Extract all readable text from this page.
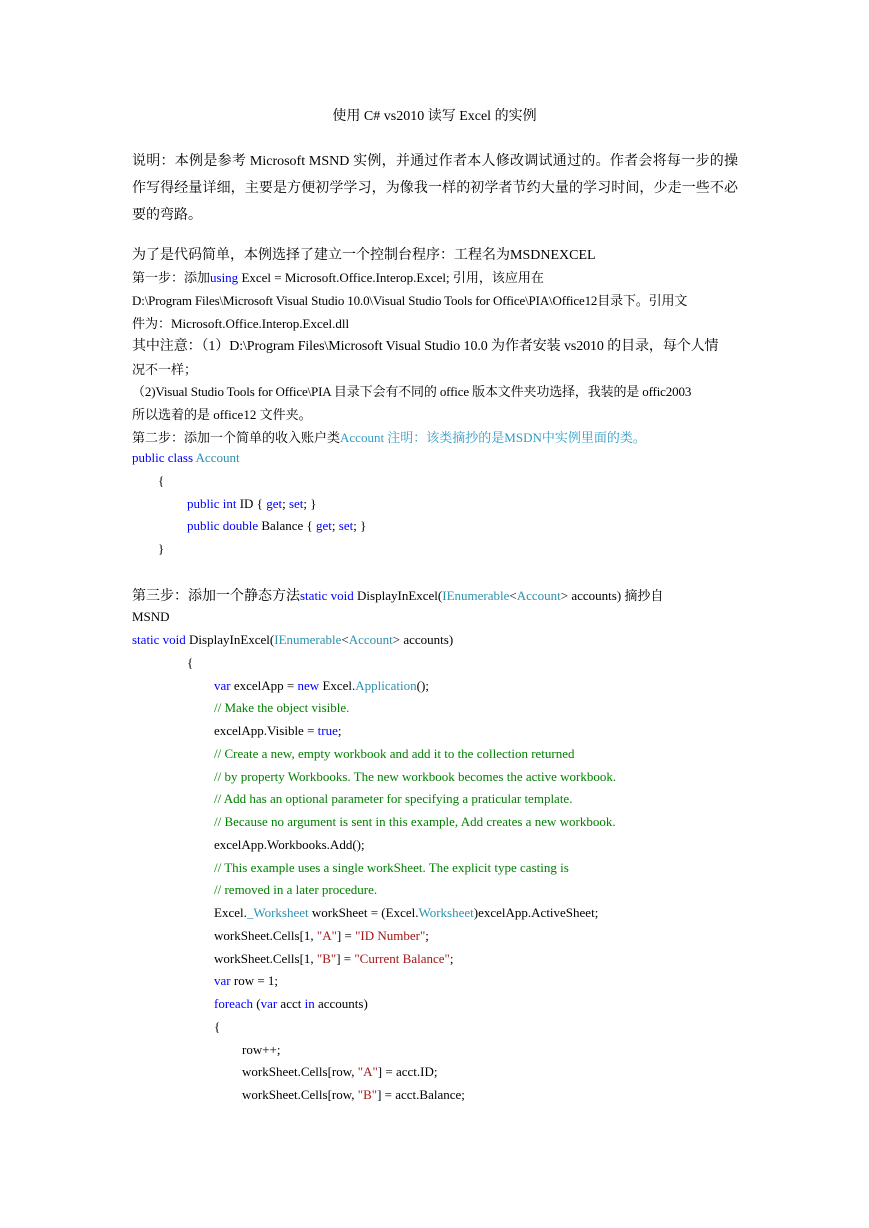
使用 C# vs2010 读写 Excel 的实例
说明：本例是参考 Microsoft MSND 实例，并通过作者本人修改调试通过的。作者会将每一步的操作写得经量详细，主要是方便初学学习，为像我一样的初学者节约大量的学习时间，少走一些不必要的弯路。
为了是代码简单，本例选择了建立一个控制台程序：工程名为MSDNEXCEL
第一步：添加using Excel = Microsoft.Office.Interop.Excel; 引用，该应用在
D:\Program Files\Microsoft Visual Studio 10.0\Visual Studio Tools for Office\PIA\Office12目录下。引用文
件为：Microsoft.Office.Interop.Excel.dll
其中注意：（1）D:\Program Files\Microsoft Visual Studio 10.0 为作者安装 vs2010 的目录，每个人情
况不一样；
（2)Visual Studio Tools for Office\PIA 目录下会有不同的 office 版本文件夹功选择，我装的是 offic2003
所以选着的是 office12 文件夹。
第二步：添加一个简单的收入账户类Account 注明：该类摘抄的是MSDN中实例里面的类。
public class Account
{
public int ID { get; set; }
public double Balance { get; set; }
}
第三步：添加一个静态方法static void DisplayInExcel(IEnumerable<Account> accounts) 摘抄自
MSND
static void DisplayInExcel(IEnumerable<Account> accounts)
{
var excelApp = new Excel.Application();
// Make the object visible.
excelApp.Visible = true;
// Create a new, empty workbook and add it to the collection returned
// by property Workbooks. The new workbook becomes the active workbook.
// Add has an optional parameter for specifying a praticular template.
// Because no argument is sent in this example, Add creates a new workbook.
excelApp.Workbooks.Add();
// This example uses a single workSheet. The explicit type casting is
// removed in a later procedure.
Excel._Worksheet workSheet = (Excel.Worksheet)excelApp.ActiveSheet;
workSheet.Cells[1, "A"] = "ID Number";
workSheet.Cells[1, "B"] = "Current Balance";
var row = 1;
foreach (var acct in accounts)
{
row++;
workSheet.Cells[row, "A"] = acct.ID;
workSheet.Cells[row, "B"] = acct.Balance;
